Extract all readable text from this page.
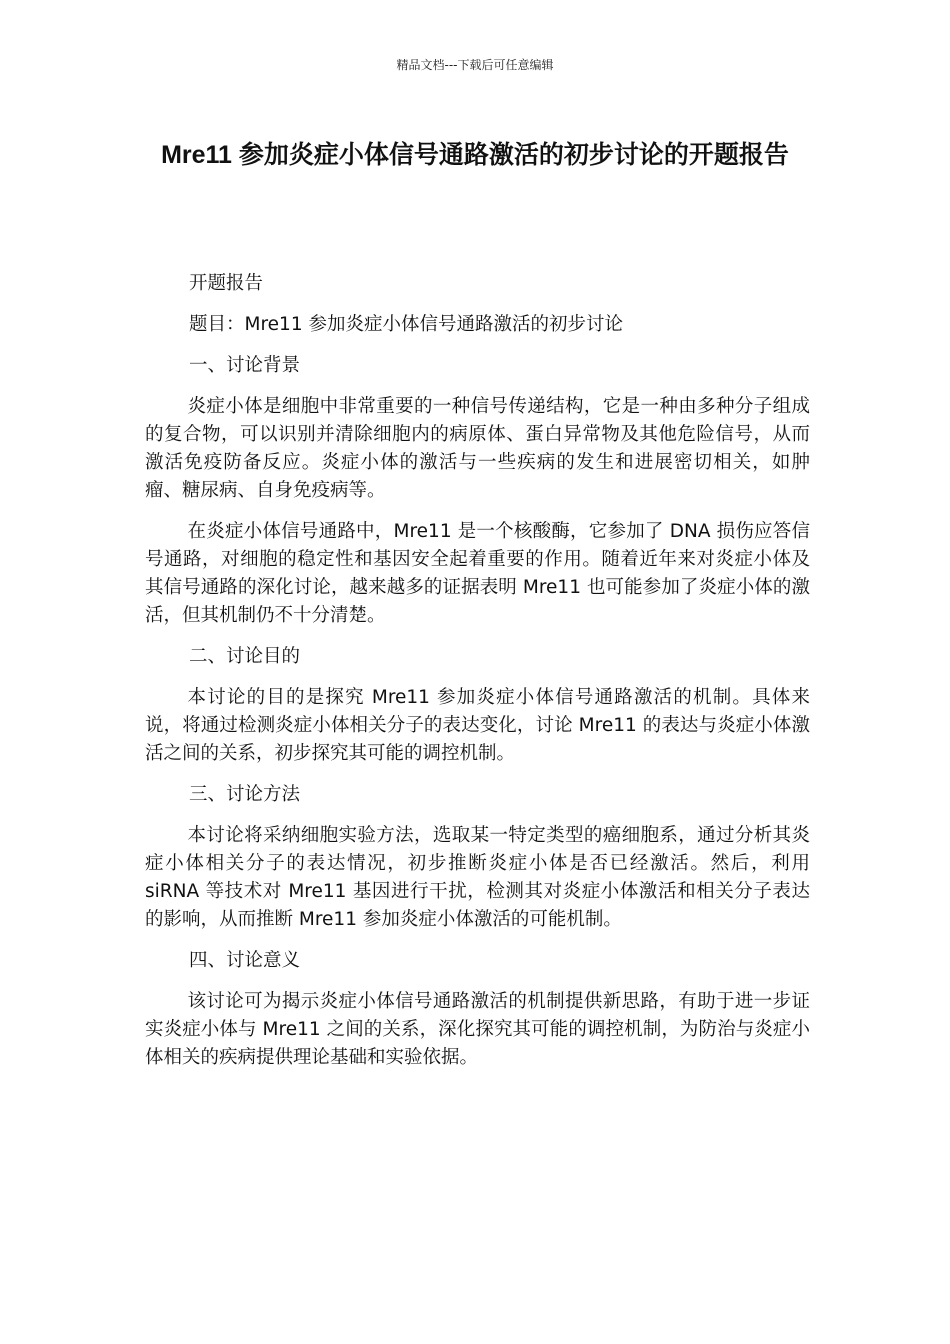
精品文档---下载后可任意编辑
Mre11 参加炎症小体信号通路激活的初步讨论的开题报告

开题报告

题目：Mre11 参加炎症小体信号通路激活的初步讨论

一、讨论背景

炎症小体是细胞中非常重要的一种信号传递结构，它是一种由多种分子组成的复合物，可以识别并清除细胞内的病原体、蛋白异常物及其他危险信号，从而激活免疫防备反应。炎症小体的激活与一些疾病的发生和进展密切相关，如肿瘤、糖尿病、自身免疫病等。

在炎症小体信号通路中，Mre11 是一个核酸酶，它参加了 DNA 损伤应答信号通路，对细胞的稳定性和基因安全起着重要的作用。随着近年来对炎症小体及其信号通路的深化讨论，越来越多的证据表明 Mre11 也可能参加了炎症小体的激活，但其机制仍不十分清楚。

二、讨论目的

本讨论的目的是探究 Mre11 参加炎症小体信号通路激活的机制。具体来说，将通过检测炎症小体相关分子的表达变化，讨论 Mre11 的表达与炎症小体激活之间的关系，初步探究其可能的调控机制。

三、讨论方法

本讨论将采纳细胞实验方法，选取某一特定类型的癌细胞系，通过分析其炎症小体相关分子的表达情况，初步推断炎症小体是否已经激活。然后，利用 siRNA 等技术对 Mre11 基因进行干扰，检测其对炎症小体激活和相关分子表达的影响，从而推断 Mre11 参加炎症小体激活的可能机制。

四、讨论意义

该讨论可为揭示炎症小体信号通路激活的机制提供新思路，有助于进一步证实炎症小体与 Mre11 之间的关系，深化探究其可能的调控机制，为防治与炎症小体相关的疾病提供理论基础和实验依据。
